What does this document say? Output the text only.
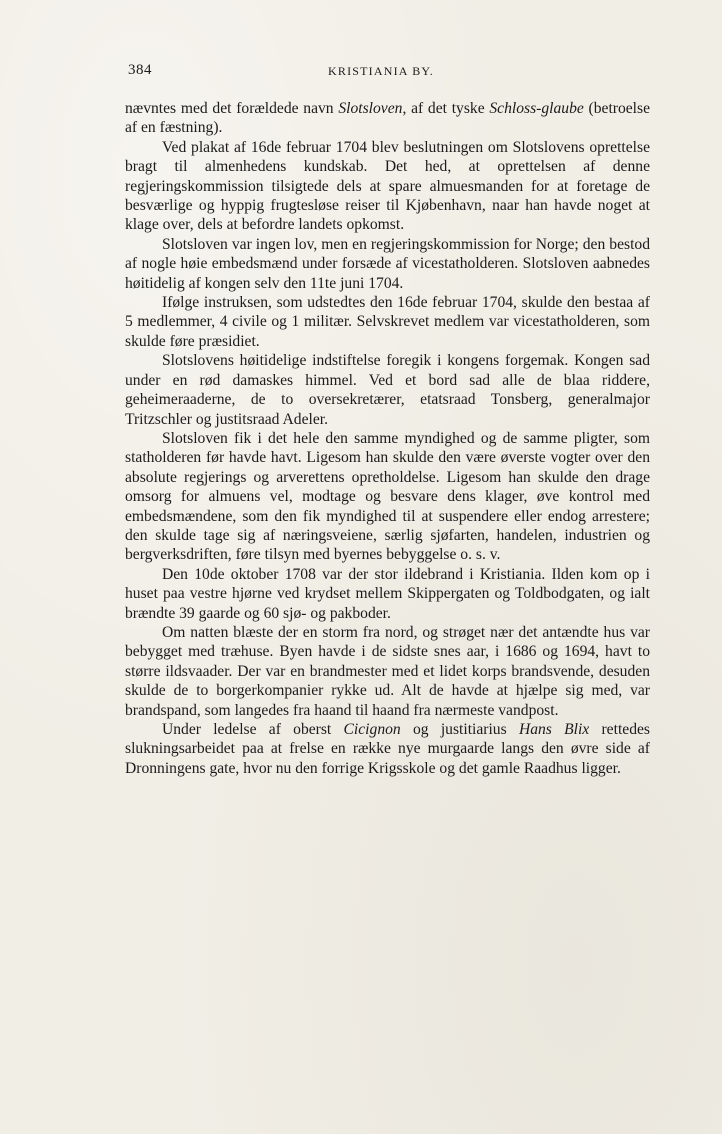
384	KRISTIANIA BY.

nævntes med det forældede navn Slotsloven, af det tyske Schloss-glaube (betroelse af en fæstning).

Ved plakat af 16de februar 1704 blev beslutningen om Slotslovens oprettelse bragt til almenhedens kundskab. Det hed, at oprettelsen af denne regjeringskommission tilsigtede dels at spare almuesmanden for at foretage de besværlige og hyppig frugtesløse reiser til Kjøbenhavn, naar han havde noget at klage over, dels at befordre landets opkomst.

Slotsloven var ingen lov, men en regjeringskommission for Norge; den bestod af nogle høie embedsmænd under forsæde af vicestatholderen. Slotsloven aabnedes høitidelig af kongen selv den 11te juni 1704.

Ifølge instruksen, som udstedtes den 16de februar 1704, skulde den bestaa af 5 medlemmer, 4 civile og 1 militær. Selvskrevet medlem var vicestatholderen, som skulde føre præsidiet.

Slotslovens høitidelige indstiftelse foregik i kongens forgemak. Kongen sad under en rød damaskes himmel. Ved et bord sad alle de blaa riddere, geheimeraaderne, de to oversekretærer, etatsraad Tonsberg, generalmajor Tritzschler og justitsraad Adeler.

Slotsloven fik i det hele den samme myndighed og de samme pligter, som statholderen før havde havt. Ligesom han skulde den være øverste vogter over den absolute regjerings og arverettens opretholdelse. Ligesom han skulde den drage omsorg for almuens vel, modtage og besvare dens klager, øve kontrol med embedsmændene, som den fik myndighed til at suspendere eller endog arrestere; den skulde tage sig af næringsveiene, særlig sjøfarten, handelen, industrien og bergverksdriften, føre tilsyn med byernes bebyggelse o. s. v.

Den 10de oktober 1708 var der stor ildebrand i Kristiania. Ilden kom op i huset paa vestre hjørne ved krydset mellem Skippergaten og Toldbodgaten, og ialt brændte 39 gaarde og 60 sjø- og pakboder.

Om natten blæste der en storm fra nord, og strøget nær det antændte hus var bebygget med træhuse. Byen havde i de sidste snes aar, i 1686 og 1694, havt to større ildsvaader. Der var en brandmester med et lidet korps brandsvende, desuden skulde de to borgerkompanier rykke ud. Alt de havde at hjælpe sig med, var brandspand, som langedes fra haand til haand fra nærmeste vandpost.

Under ledelse af oberst Cicignon og justitiarius Hans Blix rettedes slukningsarbeidet paa at frelse en række nye murgaarde langs den øvre side af Dronningens gate, hvor nu den forrige Krigsskole og det gamle Raadhus ligger.
